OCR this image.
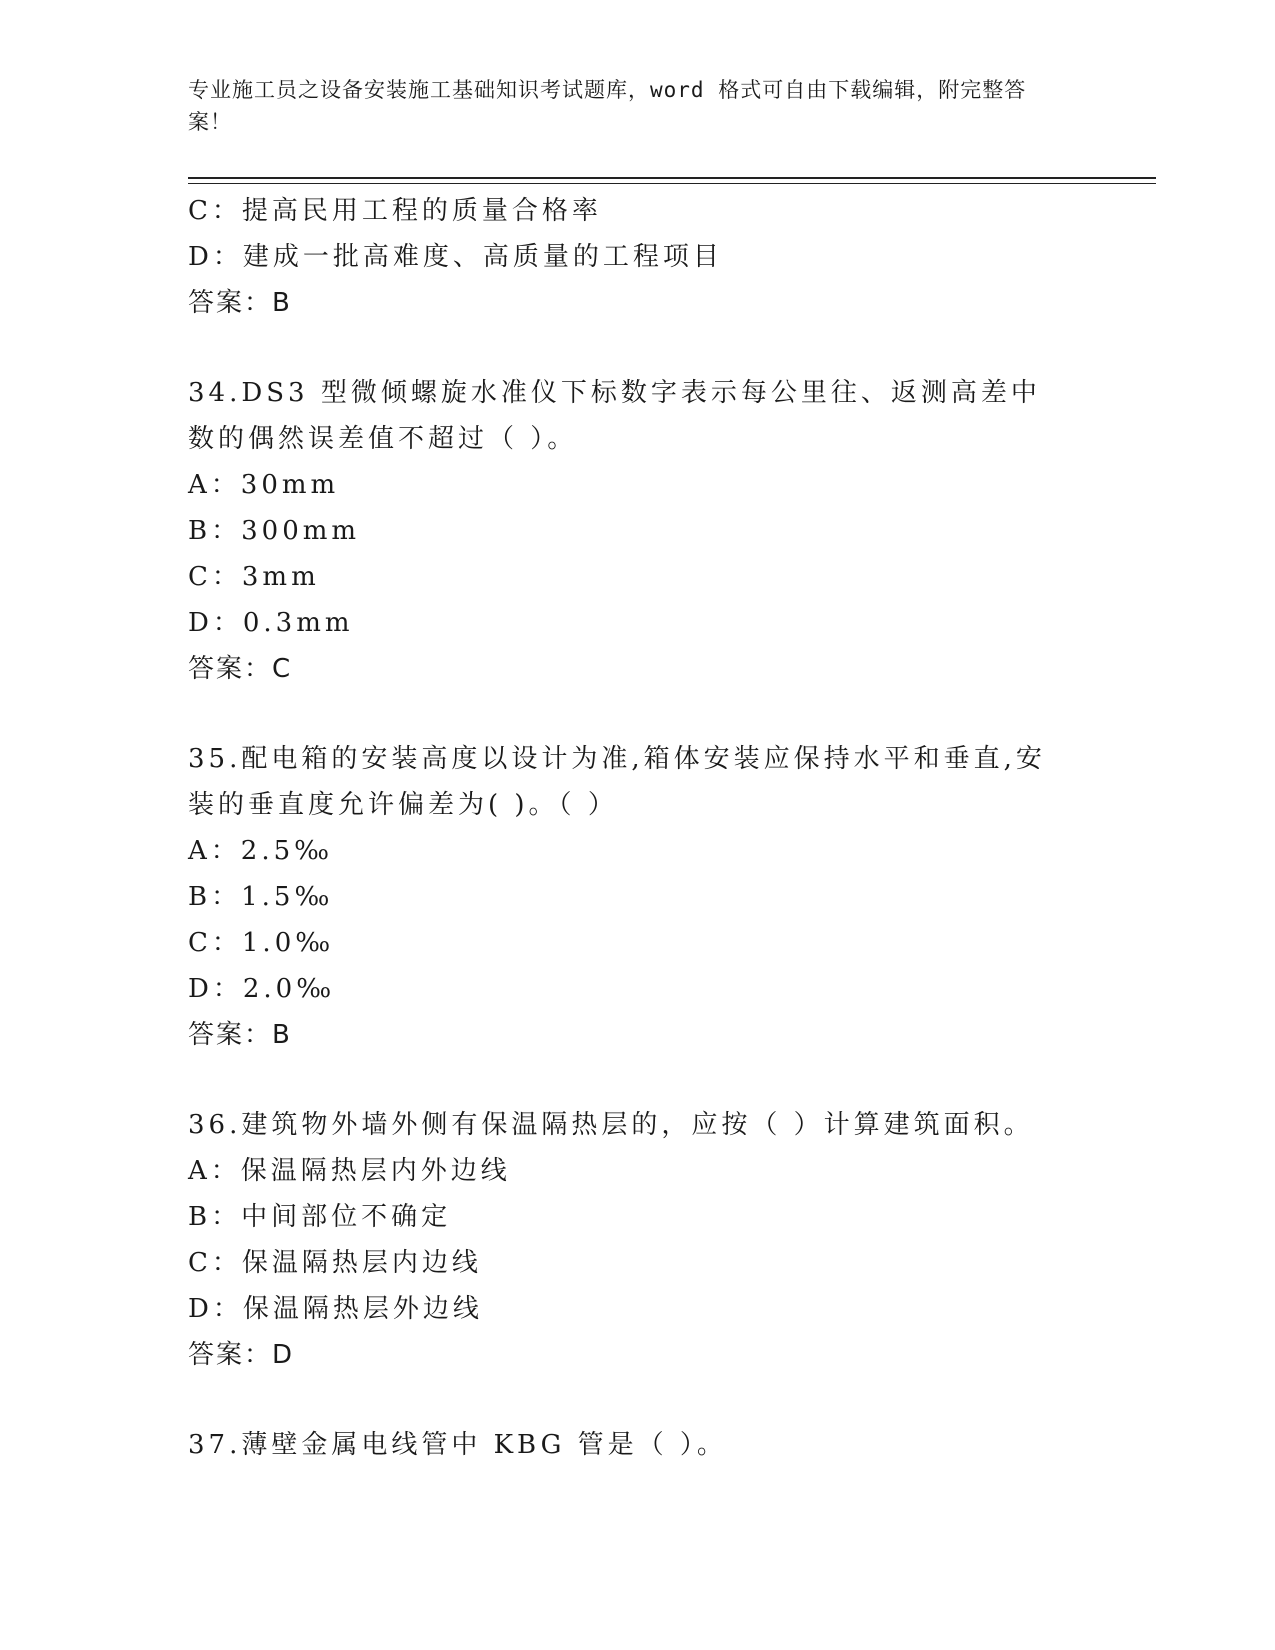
专业施工员之设备安装施工基础知识考试题库，word 格式可自由下载编辑，附完整答案！
C：提高民用工程的质量合格率
D：建成一批高难度、高质量的工程项目
答案：B
34.DS3 型微倾螺旋水准仪下标数字表示每公里往、返测高差中数的偶然误差值不超过（ ）。
A：30mm
B：300mm
C：3mm
D：0.3mm
答案：C
35.配电箱的安装高度以设计为准,箱体安装应保持水平和垂直,安装的垂直度允许偏差为( )。（ ）
A：2.5‰
B：1.5‰
C：1.0‰
D：2.0‰
答案：B
36.建筑物外墙外侧有保温隔热层的，应按（ ）计算建筑面积。
A：保温隔热层内外边线
B：中间部位不确定
C：保温隔热层内边线
D：保温隔热层外边线
答案：D
37.薄壁金属电线管中 KBG 管是（ ）。
